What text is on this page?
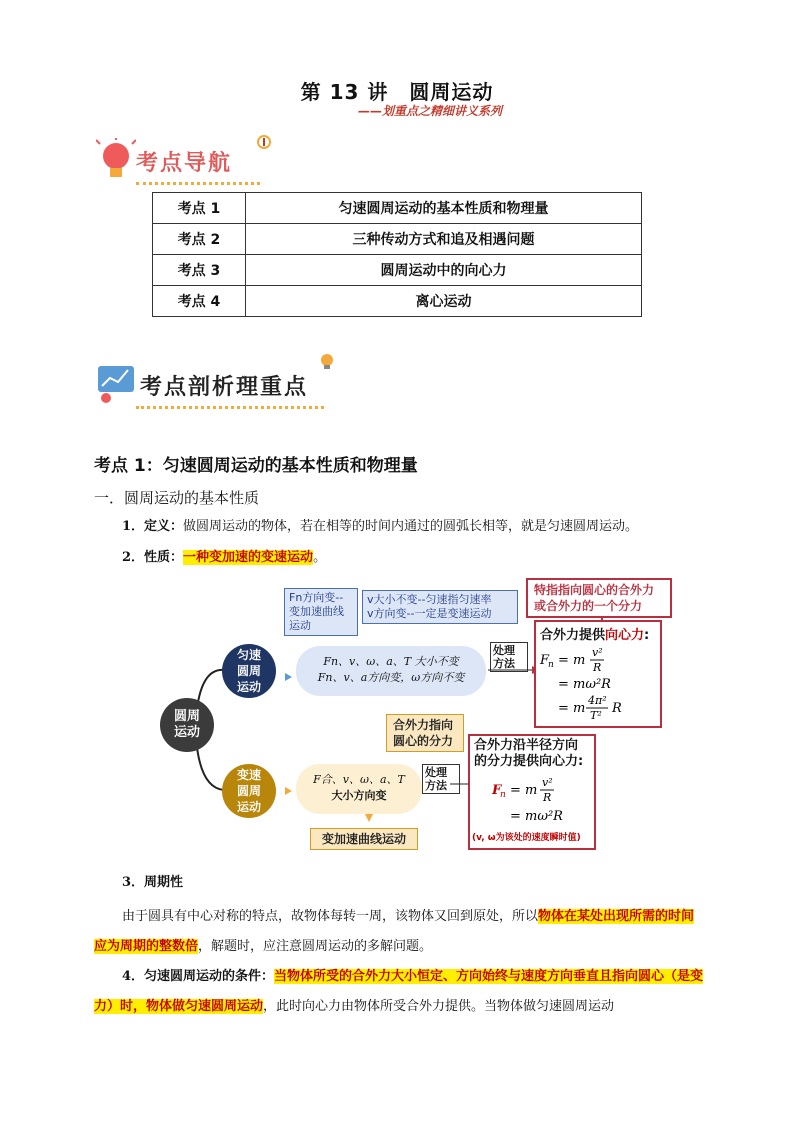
第 13 讲　圆周运动
——划重点之精细讲义系列
考点导航
考点 1	匀速圆周运动的基本性质和物理量
考点 2	三种传动方式和追及相遇问题
考点 3	圆周运动中的向心力
考点 4	离心运动
考点剖析理重点
考点 1：匀速圆周运动的基本性质和物理量
一．圆周运动的基本性质
1．定义：做圆周运动的物体，若在相等的时间内通过的圆弧长相等，就是匀速圆周运动。
2．性质：一种变加速的变速运动。
圆周运动
匀速圆周运动
变速圆周运动
Fn方向变--变加速曲线运动
v大小不变--匀速指匀速率
v方向变--一定是变速运动
Fn、v、ω、a、T 大小不变
Fn、v、a方向变，ω方向不变
处理方法
特指指向圆心的合外力或合外力的一个分力
合外力提供向心力:
F
n = m
v²
R
= mω²R
= m
4π²
T² R
合外力指向圆心的分力
F合、v、ω、a、T
大小方向变
处理方法
变加速曲线运动
合外力沿半径方向的分力提供向心力:
F
n = m
v²
R
= mω²R
(v, ω为该处的速度瞬时值)
3．周期性
由于圆具有中心对称的特点，故物体每转一周，该物体又回到原处，所以物体在某处出现所需的时间应为周期的整数倍，解题时，应注意圆周运动的多解问题。
4．匀速圆周运动的条件：当物体所受的合外力大小恒定、方向始终与速度方向垂直且指向圆心（是变力）时，物体做匀速圆周运动，此时向心力由物体所受合外力提供。当物体做匀速圆周运动
